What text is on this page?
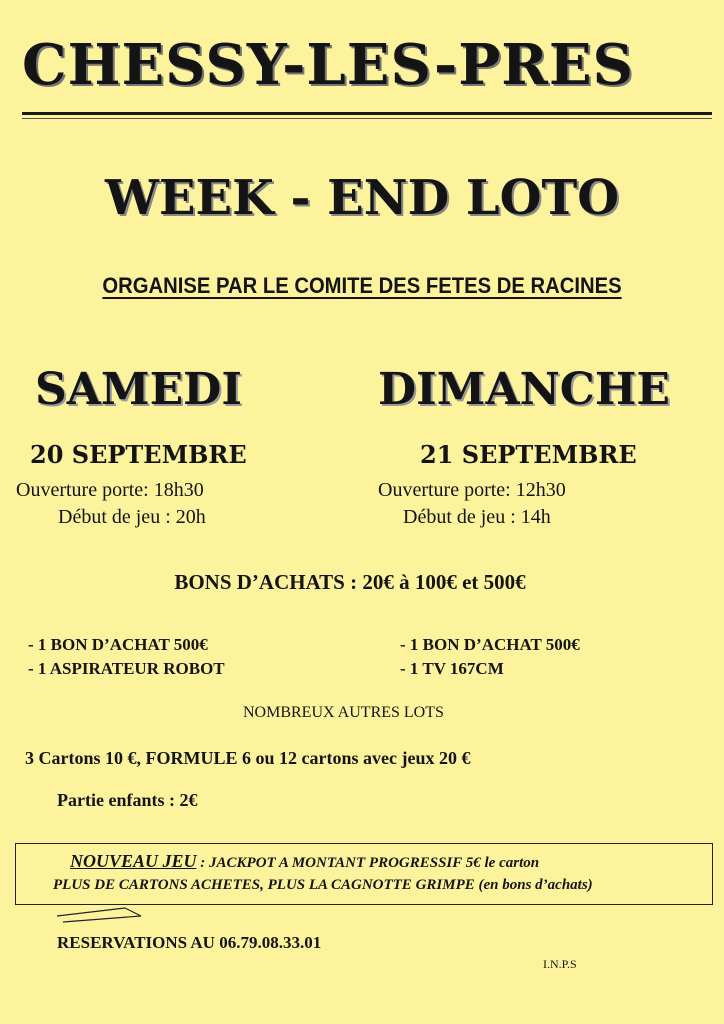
CHESSY-LES-PRES
WEEK - END LOTO
ORGANISE PAR LE COMITE DES FETES DE RACINES
SAMEDI	DIMANCHE
20 SEPTEMBRE	21 SEPTEMBRE
Ouverture porte: 18h30
Début de jeu : 20h
Ouverture porte: 12h30
Début de jeu : 14h
BONS D’ACHATS : 20€ à 100€ et 500€
- 1 BON D’ACHAT 500€
- 1 ASPIRATEUR ROBOT
- 1 BON D’ACHAT 500€
- 1 TV 167CM
NOMBREUX AUTRES LOTS
3 Cartons 10 €, FORMULE 6 ou 12 cartons avec jeux 20 €
Partie enfants : 2€
NOUVEAU JEU : JACKPOT A MONTANT PROGRESSIF 5€ le carton
PLUS DE CARTONS ACHETES, PLUS LA CAGNOTTE GRIMPE (en bons d’achats)
RESERVATIONS AU 06.79.08.33.01
I.N.P.S
